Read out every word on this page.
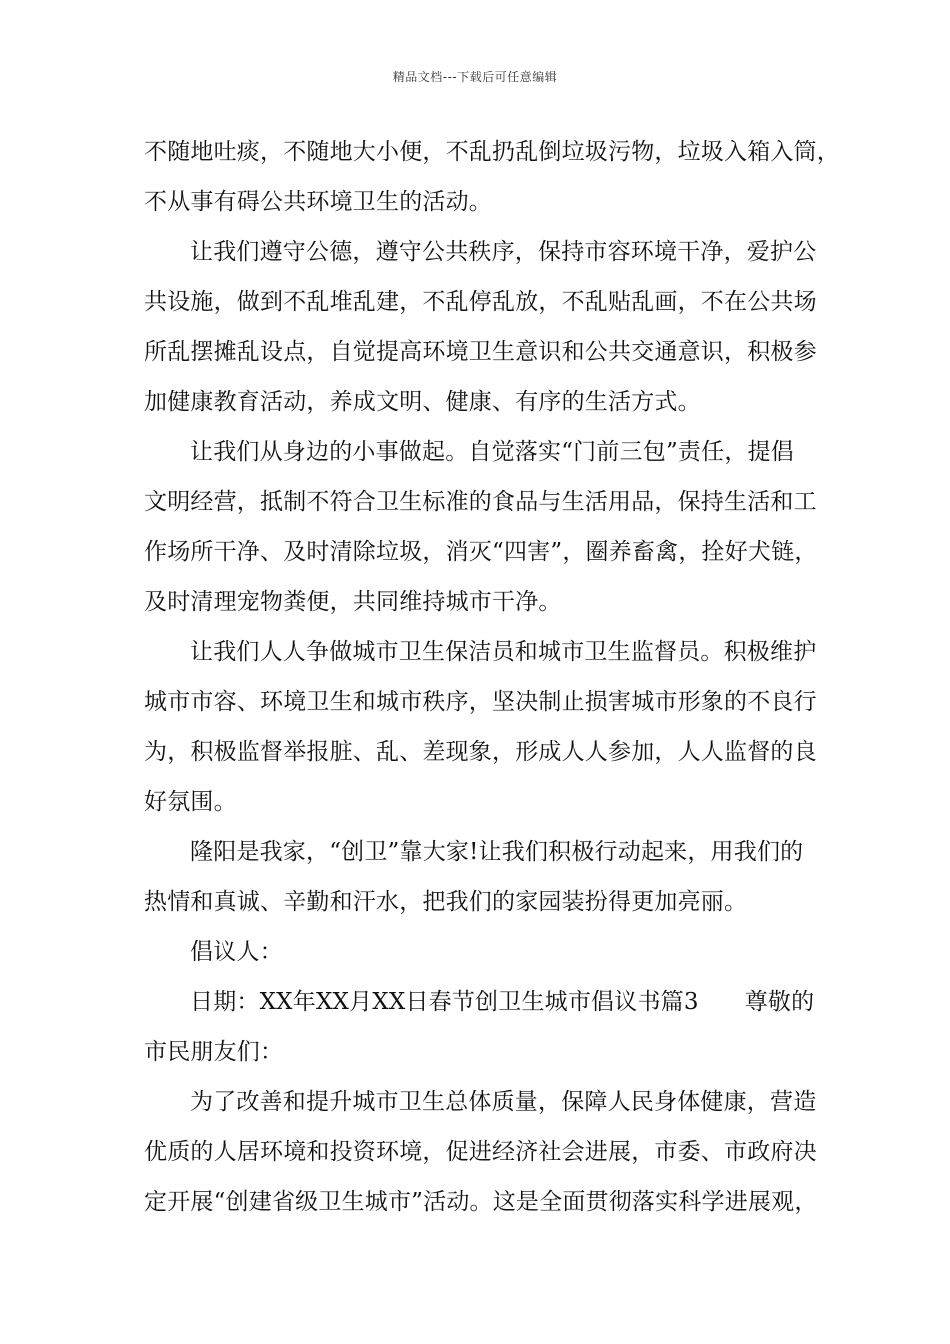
精品文档---下载后可任意编辑
不随地吐痰，不随地大小便，不乱扔乱倒垃圾污物，垃圾入箱入筒，
不从事有碍公共环境卫生的活动。
让我们遵守公德，遵守公共秩序，保持市容环境干净，爱护公
共设施，做到不乱堆乱建，不乱停乱放，不乱贴乱画，不在公共场
所乱摆摊乱设点，自觉提高环境卫生意识和公共交通意识，积极参
加健康教育活动，养成文明、健康、有序的生活方式。
让我们从身边的小事做起。自觉落实“门前三包”责任，提倡
文明经营，抵制不符合卫生标准的食品与生活用品，保持生活和工
作场所干净、及时清除垃圾，消灭“四害”，圈养畜禽，拴好犬链，
及时清理宠物粪便，共同维持城市干净。
让我们人人争做城市卫生保洁员和城市卫生监督员。积极维护
城市市容、环境卫生和城市秩序，坚决制止损害城市形象的不良行
为，积极监督举报脏、乱、差现象，形成人人参加，人人监督的良
好氛围。
隆阳是我家，“创卫”靠大家!让我们积极行动起来，用我们的
热情和真诚、辛勤和汗水，把我们的家园装扮得更加亮丽。
倡议人：
日期：XX年XX月XX日春节创卫生城市倡议书篇3 尊敬的
市民朋友们：
为了改善和提升城市卫生总体质量，保障人民身体健康，营造
优质的人居环境和投资环境，促进经济社会进展，市委、市政府决
定开展“创建省级卫生城市”活动。这是全面贯彻落实科学进展观，
